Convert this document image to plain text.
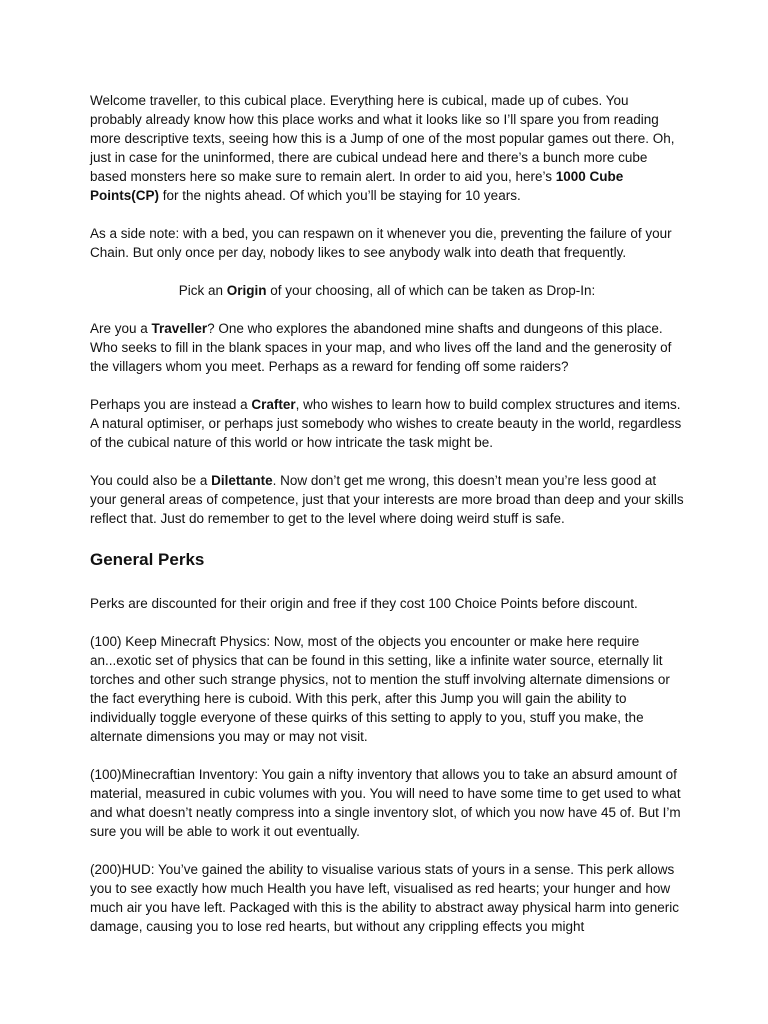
Welcome traveller, to this cubical place. Everything here is cubical, made up of cubes. You probably already know how this place works and what it looks like so I’ll spare you from reading more descriptive texts, seeing how this is a Jump of one of the most popular games out there. Oh, just in case for the uninformed, there are cubical undead here and there’s a bunch more cube based monsters here so make sure to remain alert. In order to aid you, here’s 1000 Cube Points(CP) for the nights ahead. Of which you’ll be staying for 10 years.

As a side note: with a bed, you can respawn on it whenever you die, preventing the failure of your Chain. But only once per day, nobody likes to see anybody walk into death that frequently.

Pick an Origin of your choosing, all of which can be taken as Drop-In:

Are you a Traveller? One who explores the abandoned mine shafts and dungeons of this place. Who seeks to fill in the blank spaces in your map, and who lives off the land and the generosity of the villagers whom you meet. Perhaps as a reward for fending off some raiders?

Perhaps you are instead a Crafter, who wishes to learn how to build complex structures and items. A natural optimiser, or perhaps just somebody who wishes to create beauty in the world, regardless of the cubical nature of this world or how intricate the task might be.

You could also be a Dilettante. Now don’t get me wrong, this doesn’t mean you’re less good at your general areas of competence, just that your interests are more broad than deep and your skills reflect that. Just do remember to get to the level where doing weird stuff is safe.

General Perks

Perks are discounted for their origin and free if they cost 100 Choice Points before discount.

(100) Keep Minecraft Physics: Now, most of the objects you encounter or make here require an...exotic set of physics that can be found in this setting, like a infinite water source, eternally lit torches and other such strange physics, not to mention the stuff involving alternate dimensions or the fact everything here is cuboid. With this perk, after this Jump you will gain the ability to individually toggle everyone of these quirks of this setting to apply to you, stuff you make, the alternate dimensions you may or may not visit.

(100)Minecraftian Inventory: You gain a nifty inventory that allows you to take an absurd amount of material, measured in cubic volumes with you. You will need to have some time to get used to what and what doesn’t neatly compress into a single inventory slot, of which you now have 45 of. But I’m sure you will be able to work it out eventually.

(200)HUD: You’ve gained the ability to visualise various stats of yours in a sense. This perk allows you to see exactly how much Health you have left, visualised as red hearts; your hunger and how much air you have left. Packaged with this is the ability to abstract away physical harm into generic damage, causing you to lose red hearts, but without any crippling effects you might
